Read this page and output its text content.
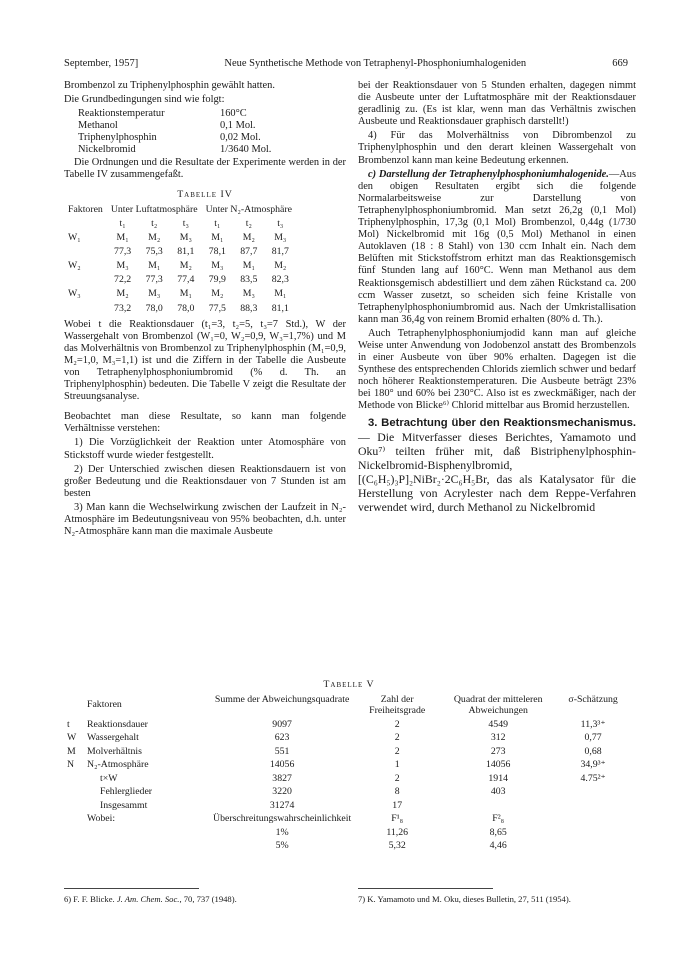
September, 1957]	Neue Synthetische Methode von Tetraphenyl-Phosphoniumhalogeniden	669

Brombenzol zu Triphenylphosphin gewählt hatten.

Die Grundbedingungen sind wie folgt:

Reaktionstemperatur	160°C
Methanol	0,1 Mol.
Triphenylphosphin	0,02 Mol.
Nickelbromid	1/3640 Mol.

Die Ordnungen und die Resultate der Experimente werden in der Tabelle IV zusammengefaßt.

Tabelle IV
Faktoren	Unter Luftatmosphäre			Unter N₂-Atmosphäre		
	t₁	t₂	t₃	t₁	t₂	t₃
W₁	M₁	M₂	M₃	M₁	M₂	M₃
	77,3	75,3	81,1	78,1	87,7	81,7
W₂	M₃	M₁	M₂	M₃	M₁	M₂
	72,2	77,3	77,4	79,9	83,5	82,3
W₃	M₂	M₃	M₁	M₂	M₃	M₁
	73,2	78,0	78,0	77,5	88,3	81,1

Wobei t die Reaktionsdauer (t₁=3, t₂=5, t₃=7 Std.), W der Wassergehalt von Brombenzol (W₁=0, W₂=0,9, W₃=1,7%) und M das Molverhältnis von Brombenzol zu Triphenylphosphin (M₁=0,9, M₂=1,0, M₃=1,1) ist und die Ziffern in der Tabelle die Ausbeute von Tetraphenylphosphoniumbromid (% d. Th. an Triphenylphosphin) bedeuten. Die Tabelle V zeigt die Resultate der Streuungsanalyse.

Beobachtet man diese Resultate, so kann man folgende Verhältnisse verstehen:

1) Die Vorzüglichkeit der Reaktion unter Atomosphäre von Stickstoff wurde wieder festgestellt.

2) Der Unterschied zwischen diesen Reaktionsdauern ist von großer Bedeutung und die Reaktionsdauer von 7 Stunden ist am besten

3) Man kann die Wechselwirkung zwischen der Laufzeit in N₂-Atmosphäre im Bedeutungsniveau von 95% beobachten, d.h. unter N₂-Atmosphäre kann man die maximale Ausbeute

bei der Reaktionsdauer von 5 Stunden erhalten, dagegen nimmt die Ausbeute unter der Luftatmosphäre mit der Reaktionsdauer geradlinig zu. (Es ist klar, wenn man das Verhältnis zwischen Ausbeute und Reaktionsdauer graphisch darstellt!)

4) Für das Molverhältniss von Dibrombenzol zu Triphenylphosphin und den derart kleinen Wassergehalt von Brombenzol kann man keine Bedeutung erkennen.

c) Darstellung der Tetraphenylphosphoniumhalogenide.—Aus den obigen Resultaten ergibt sich die folgende Normalarbeitsweise zur Darstellung von Tetraphenylphosphoniumbromid. Man setzt 26,2g (0,1 Mol) Triphenylphosphin, 17,3g (0,1 Mol) Brombenzol, 0,44g (1/730 Mol) Nickelbromid mit 16g (0,5 Mol) Methanol in einen Autoklaven (18 : 8 Stahl) von 130 ccm Inhalt ein. Nach dem Belüften mit Stickstoffstrom erhitzt man das Reaktionsgemisch fünf Stunden lang auf 160°C. Wenn man Methanol aus dem Reaktionsgemisch abdestilliert und dem zähen Rückstand ca. 200 ccm Wasser zusetzt, so scheiden sich feine Kristalle von Tetraphenylphosphoniumbromid aus. Nach der Umkristallisation kann man 36,4g von reinem Bromid erhalten (80% d. Th.).

Auch Tetraphenylphosphoniumjodid kann man auf gleiche Weise unter Anwendung von Jodobenzol anstatt des Brombenzols in einer Ausbeute von über 90% erhalten. Dagegen ist die Synthese des entsprechenden Chlorids ziemlich schwer und bedarf noch höherer Reaktionstemperaturen. Die Ausbeute beträgt 23% bei 180° und 60% bei 230°C. Also ist es zweckmäßiger, nach der Methode von Blicke⁶⁾ Chlorid mittelbar aus Bromid herzustellen.

3. Betrachtung über den Reaktionsmechanismus.— Die Mitverfasser dieses Berichtes, Yamamoto und Oku⁷⁾ teilten früher mit, daß Bistriphenylphosphin-Nickelbromid-Bisphenylbromid, [(C₆H₅)₃P]₂NiBr₂·2C₆H₅Br, das als Katalysator für die Herstellung von Acrylester nach dem Reppe-Verfahren verwendet wird, durch Methanol zu Nickelbromid

Tabelle V
	Faktoren	Summe der Abweichungsquadrate	Zahl der Freiheitsgrade	Quadrat der mitteleren Abweichungen	σ-Schätzung
t	Reaktionsdauer	9097	2	4549	11,3³⁺
W	Wassergehalt	623	2	312	0,77
M	Molverhältnis	551	2	273	0,68
N	N₂-Atmosphäre	14056	1	14056	34,9³⁺
	t×W	3827	2	1914	4.75²⁺
	Fehlerglieder	3220	8	403	
	Insgesammt	31274	17		
	Wobei:	Überschreitungswahrscheinlichkeit	F¹₈	F²₈	
		1%	11,26	8,65	
		5%	5,32	4,46	
6) F. F. Blicke. J. Am. Chem. Soc., 70, 737 (1948).	7) K. Yamamoto und M. Oku, dieses Bulletin, 27, 511 (1954).
